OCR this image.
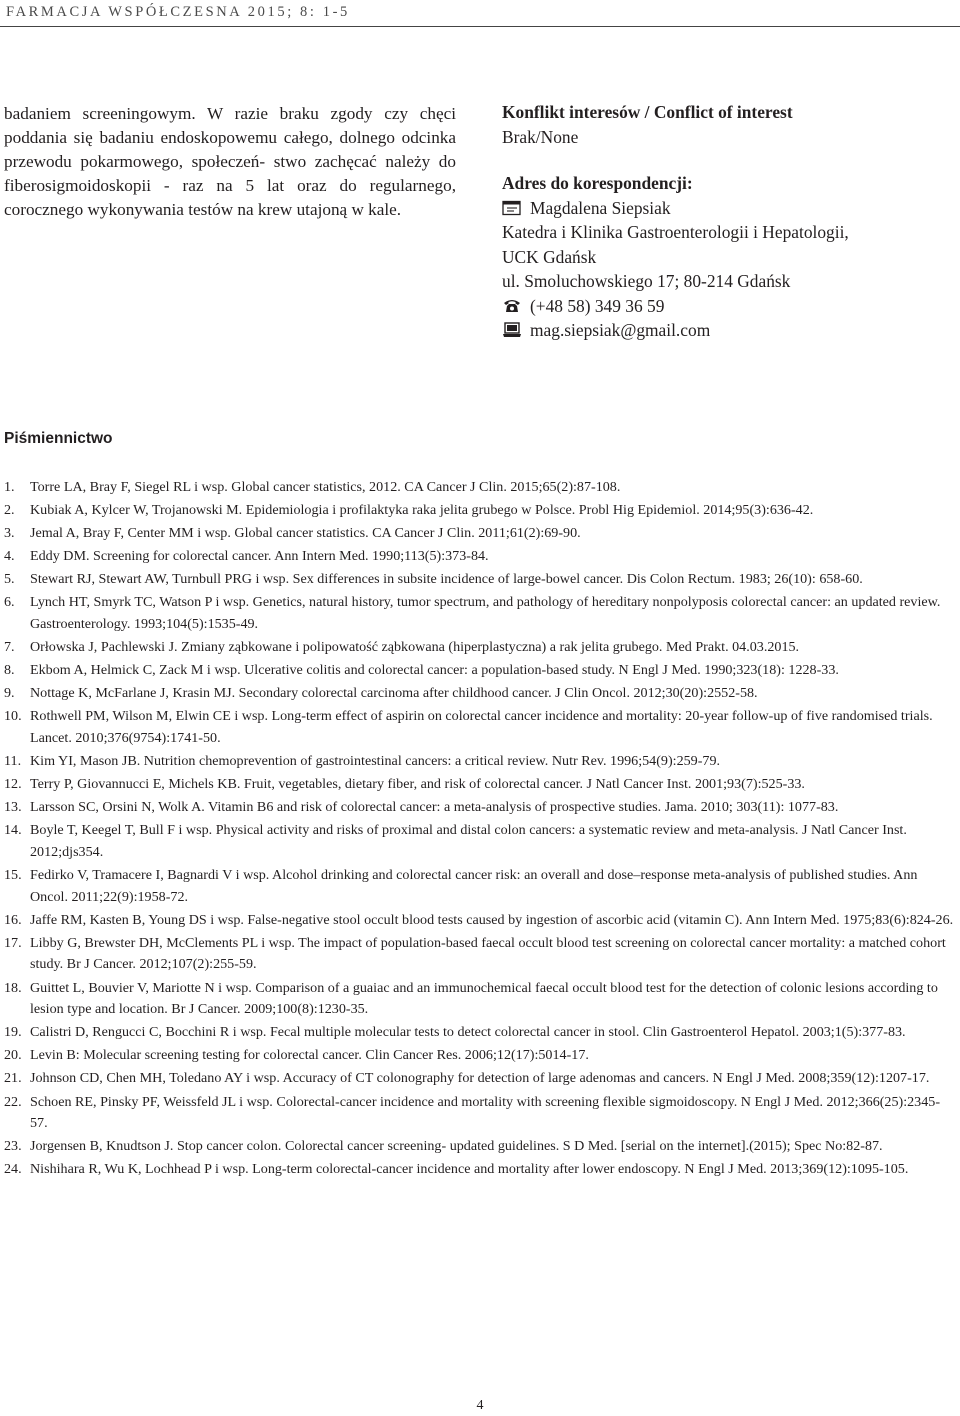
FARMACJA WSPÓŁCZESNA 2015; 8: 1-5

badaniem screeningowym. W razie braku zgody czy chęci poddania się badaniu endoskopowemu całego, dolnego odcinka przewodu pokarmowego, społeczeń- stwo zachęcać należy do fiberosigmoidoskopii - raz na 5 lat oraz do regularnego, corocznego wykonywania testów na krew utajoną w kale.

Konflikt interesów / Conflict of interest
Brak/None
Adres do korespondencji:
Magdalena Siepsiak
Katedra i Klinika Gastroenterologii i Hepatologii,
UCK Gdańsk
ul. Smoluchowskiego 17; 80-214 Gdańsk
(+48 58) 349 36 59
mag.siepsiak@gmail.com
Piśmiennictwo
1. Torre LA, Bray F, Siegel RL i wsp. Global cancer statistics, 2012. CA Cancer J Clin. 2015;65(2):87-108.
2. Kubiak A, Kylcer W, Trojanowski M. Epidemiologia i profilaktyka raka jelita grubego w Polsce. Probl Hig Epidemiol. 2014;95(3):636-42.
3. Jemal A, Bray F, Center MM i wsp. Global cancer statistics. CA Cancer J Clin. 2011;61(2):69-90.
4. Eddy DM. Screening for colorectal cancer. Ann Intern Med. 1990;113(5):373-84.
5. Stewart RJ, Stewart AW, Turnbull PRG i wsp. Sex differences in subsite incidence of large-bowel cancer. Dis Colon Rectum. 1983; 26(10): 658-60.
6. Lynch HT, Smyrk TC, Watson P i wsp. Genetics, natural history, tumor spectrum, and pathology of hereditary nonpolyposis colorectal cancer: an updated review. Gastroenterology. 1993;104(5):1535-49.
7. Orłowska J, Pachlewski J. Zmiany ząbkowane i polipowatość ząbkowana (hiperplastyczna) a rak jelita grubego. Med Prakt. 04.03.2015.
8. Ekbom A, Helmick C, Zack M i wsp. Ulcerative colitis and colorectal cancer: a population-based study. N Engl J Med. 1990;323(18): 1228-33.
9. Nottage K, McFarlane J, Krasin MJ. Secondary colorectal carcinoma after childhood cancer. J Clin Oncol. 2012;30(20):2552-58.
10. Rothwell PM, Wilson M, Elwin CE i wsp. Long-term effect of aspirin on colorectal cancer incidence and mortality: 20-year follow-up of five randomised trials. Lancet. 2010;376(9754):1741-50.
11. Kim YI, Mason JB. Nutrition chemoprevention of gastrointestinal cancers: a critical review. Nutr Rev. 1996;54(9):259-79.
12. Terry P, Giovannucci E, Michels KB. Fruit, vegetables, dietary fiber, and risk of colorectal cancer. J Natl Cancer Inst. 2001;93(7):525-33.
13. Larsson SC, Orsini N, Wolk A. Vitamin B6 and risk of colorectal cancer: a meta-analysis of prospective studies. Jama. 2010; 303(11): 1077-83.
14. Boyle T, Keegel T, Bull F i wsp. Physical activity and risks of proximal and distal colon cancers: a systematic review and meta-analysis. J Natl Cancer Inst. 2012;djs354.
15. Fedirko V, Tramacere I, Bagnardi V i wsp. Alcohol drinking and colorectal cancer risk: an overall and dose–response meta-analysis of published studies. Ann Oncol. 2011;22(9):1958-72.
16. Jaffe RM, Kasten B, Young DS i wsp. False-negative stool occult blood tests caused by ingestion of ascorbic acid (vitamin C). Ann Intern Med. 1975;83(6):824-26.
17. Libby G, Brewster DH, McClements PL i wsp. The impact of population-based faecal occult blood test screening on colorectal cancer mortality: a matched cohort study. Br J Cancer. 2012;107(2):255-59.
18. Guittet L, Bouvier V, Mariotte N i wsp. Comparison of a guaiac and an immunochemical faecal occult blood test for the detection of colonic lesions according to lesion type and location. Br J Cancer. 2009;100(8):1230-35.
19. Calistri D, Rengucci C, Bocchini R i wsp. Fecal multiple molecular tests to detect colorectal cancer in stool. Clin Gastroenterol Hepatol. 2003;1(5):377-83.
20. Levin B: Molecular screening testing for colorectal cancer. Clin Cancer Res. 2006;12(17):5014-17.
21. Johnson CD, Chen MH, Toledano AY i wsp. Accuracy of CT colonography for detection of large adenomas and cancers. N Engl J Med. 2008;359(12):1207-17.
22. Schoen RE, Pinsky PF, Weissfeld JL i wsp. Colorectal-cancer incidence and mortality with screening flexible sigmoidoscopy. N Engl J Med. 2012;366(25):2345-57.
23. Jorgensen B, Knudtson J. Stop cancer colon. Colorectal cancer screening- updated guidelines. S D Med. [serial on the internet].(2015); Spec No:82-87.
24. Nishihara R, Wu K, Lochhead P i wsp. Long-term colorectal-cancer incidence and mortality after lower endoscopy. N Engl J Med. 2013;369(12):1095-105.
4
